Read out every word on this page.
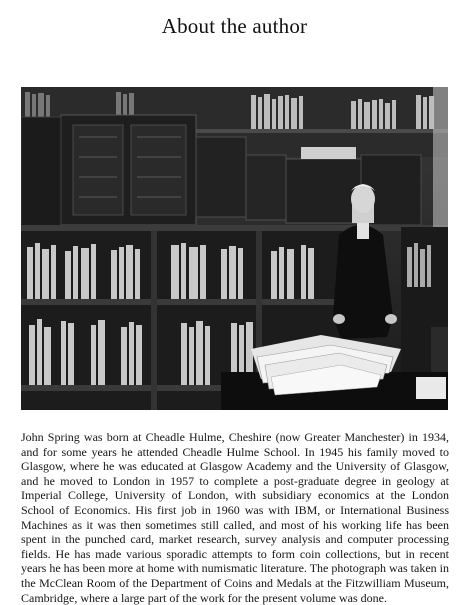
About the author
John Spring was born at Cheadle Hulme, Cheshire (now Greater Manchester) in 1934, and for some years he attended Cheadle Hulme School. In 1945 his family moved to Glasgow, where he was educated at Glasgow Academy and the University of Glasgow, and he moved to London in 1957 to complete a post-graduate degree in geology at Imperial College, University of London, with subsidiary economics at the London School of Economics. His first job in 1960 was with IBM, or International Business Machines as it was then sometimes still called, and most of his working life has been spent in the punched card, market research, survey analysis and computer processing fields. He has made various sporadic attempts to form coin collections, but in recent years he has been more at home with numismatic literature. The photograph was taken in the McClean Room of the Department of Coins and Medals at the Fitzwilliam Museum, Cambridge, where a large part of the work for the present volume was done.
